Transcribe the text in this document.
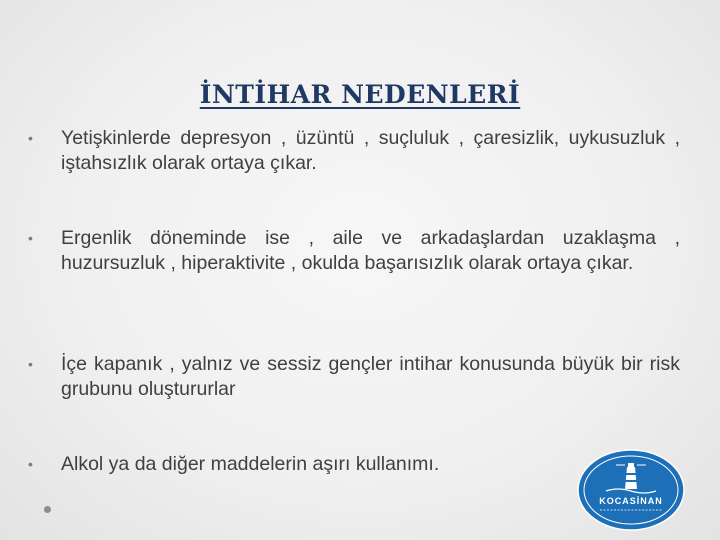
İNTİHAR NEDENLERİ
•	Yetişkinlerde depresyon , üzüntü , suçluluk , çaresizlik, uykusuzluk , iştahsızlık olarak ortaya çıkar.
•	Ergenlik döneminde ise , aile ve arkadaşlardan uzaklaşma , huzursuzluk , hiperaktivite , okulda başarısızlık olarak ortaya çıkar.
•	İçe kapanık , yalnız ve sessiz gençler intihar konusunda büyük bir risk grubunu oluştururlar
•	Alkol ya da diğer maddelerin aşırı kullanımı.
KOCASİNAN
